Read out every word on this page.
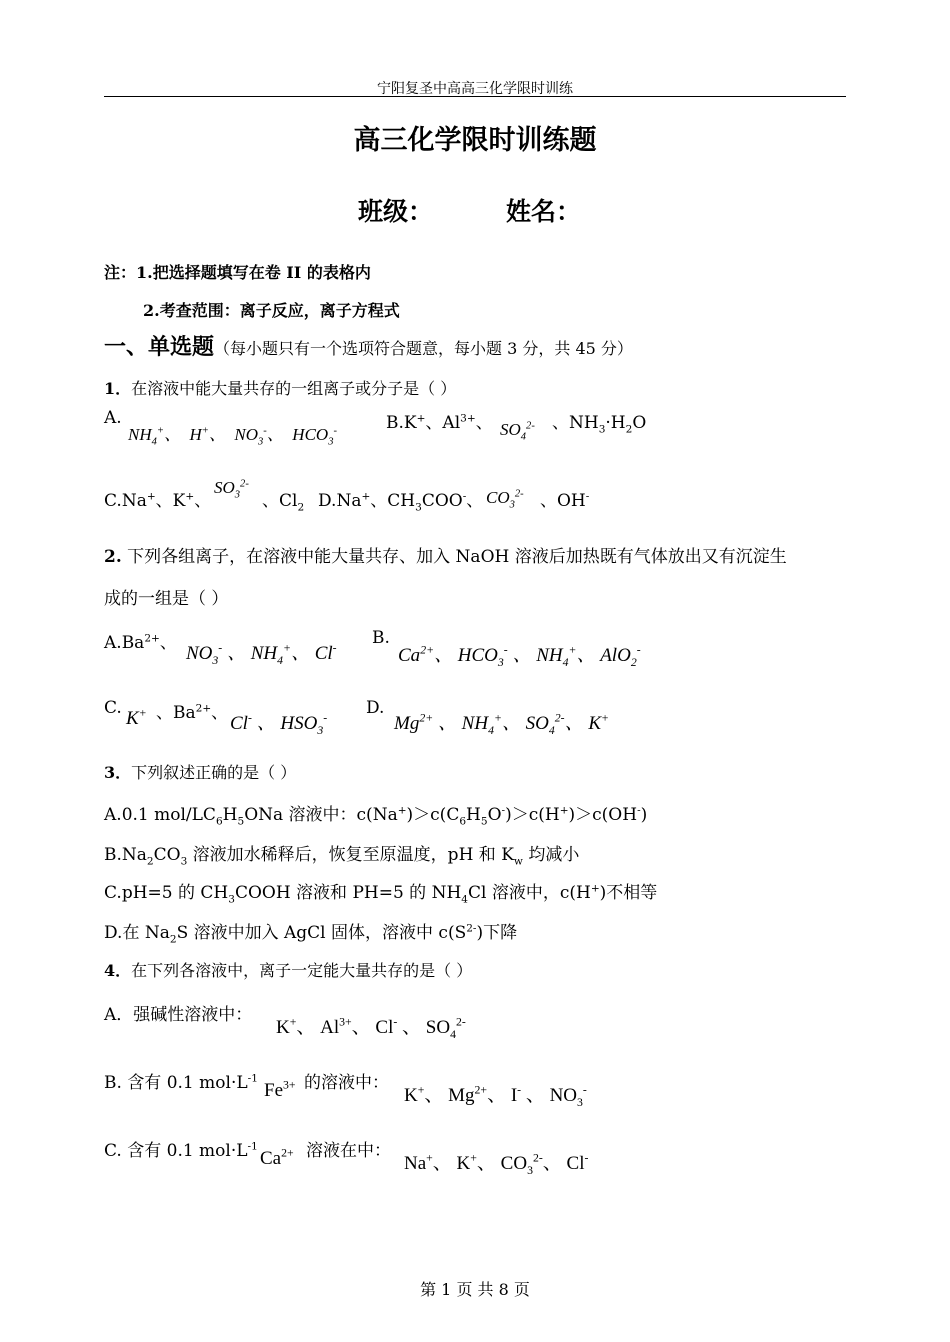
宁阳复圣中高高三化学限时训练
高三化学限时训练题
班级：	姓名：
注：1.把选择题填写在卷 II 的表格内
2.考查范围：离子反应，离子方程式
一、单选题（每小题只有一个选项符合题意，每小题 3 分，共 45 分）
1．在溶液中能大量共存的一组离子或分子是（ ）
A.
$NH_4^+$、  H+、  $NO_3^-$、  $HCO_3^-$	B.K+、$Al^{3+}$、 $SO_4^{2-}$ 、$NH_3\cdot H_2O$
C.Na+、K+、
$SO_3^{2-}$
、$Cl_2$ D.Na+、$CH_3COO^-$、 $CO_3^{2-}$ 、OH-
2. 下列各组离子，在溶液中能大量共存、加入 NaOH 溶液后加热既有气体放出又有沉淀生
成的一组是（ ）
$A.Ba^{2+}$、 $NO_3^-$ 、 $NH_4^+$、 Cl-
B.
$Ca^{2+}$、 $HCO_3^-$ 、 $NH_4^+$、 AlO$_2$-
C. K+ 、$Ba^{2+}$、 Cl- 、 $HSO_3^-$
D.
$Mg^{2+}$ 、 $NH_4^+$、 $SO_4^{2-}$、 K+
3．下列叙述正确的是（ ）
A.0.1 mol/$LC_6H_5ONa$ 溶液中：$c(Na^+)>c(C_6H_5O^-)>c(H^+)>c(OH^-)$
$B.Na_2CO_3$ 溶液加水稀释后，恢复至原温度，pH 和 $K_w$ 均减小
C.pH=5 的 $CH_3COOH$ 溶液和 PH=5 的 $NH_4Cl$ 溶液中，c(H+)不相等
D.在 $Na_2S$ 溶液中加入 AgCl 固体，溶液中 $c(S^{2-})$下降
4．在下列各溶液中，离子一定能大量共存的是（ ）
A．强碱性溶液中：
K+、 $Al^{3+}$、 Cl- 、 $SO_4^{2-}$
B. 含有 0.1 $mol\cdot L^{-1}$
$Fe^{3+}$ 的溶液中：
K+、 $Mg^{2+}$、 I- 、 $NO_3^-$
C. 含有 0.1 $mol\cdot L^{-1}$
$Ca^{2+}$ 溶液在中：
Na+、 K+、 $CO_3^{2-}$、 Cl-
第 1 页 共 8 页
